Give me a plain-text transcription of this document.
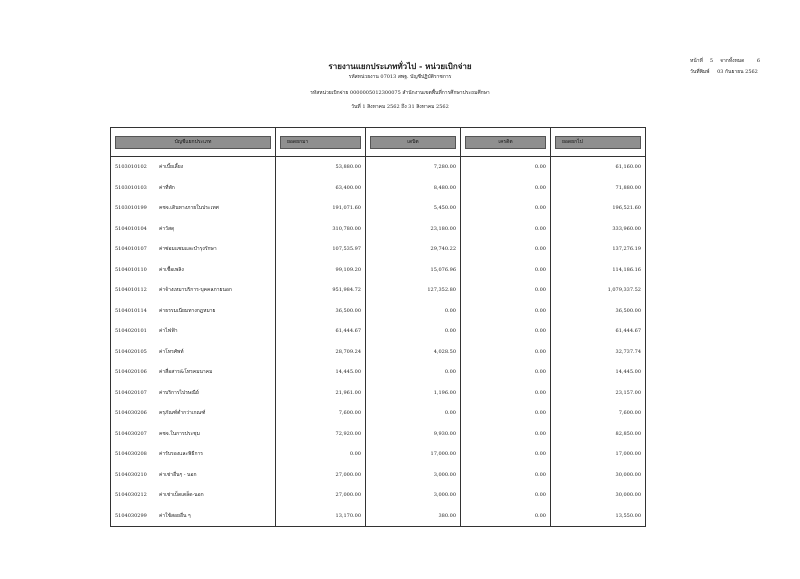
รายงานแยกประเภททั่วไป - หน่วยเบิกจ่าย
รหัสหน่วยงาน 07013 สพฐ. บัญชีปฏิบัติราชการ
รหัสหน่วยเบิกจ่าย 0000005012300075 สำนักงานเขตพื้นที่การศึกษาประถมศึกษา
วันที่ 1 สิงหาคม 2562 ถึง 31 สิงหาคม 2562
หน้าที่ 5 จากทั้งหมด 6
วันที่พิมพ์ 03 กันยายน 2562
บัญชีแยกประเภท	ยอดยกมา	เดบิต	เครดิต	ยอดยกไป

5103010102 ค่าเบี้ยเลี้ยง	53,880.00	7,280.00	0.00	61,160.00
5103010103 ค่าที่พัก	63,400.00	8,480.00	0.00	71,880.00
5103010199 คชจ.เดินทางภายในประเทศ	191,071.60	5,450.00	0.00	196,521.60
5104010104 ค่าวัสดุ	310,780.00	23,180.00	0.00	333,960.00
5104010107 ค่าซ่อมแซมและบำรุงรักษา	107,535.97	29,740.22	0.00	137,276.19
5104010110 ค่าเชื้อเพลิง	99,109.20	15,076.96	0.00	114,186.16
5104010112 ค่าจ้างเหมาบริการ-บุคคลภายนอก	951,984.72	127,352.80	0.00	1,079,337.52
5104010114 ค่าธรรมเนียมทางกฎหมาย	36,500.00	0.00	0.00	36,500.00
5104020101 ค่าไฟฟ้า	61,444.67	0.00	0.00	61,444.67
5104020105 ค่าโทรศัพท์	28,709.24	4,028.50	0.00	32,737.74
5104020106 ค่าสื่อสาร&โทรคมนาคม	14,445.00	0.00	0.00	14,445.00
5104020107 ค่าบริการไปรษณีย์	21,961.00	1,196.00	0.00	23,157.00
5104030206 ครุภัณฑ์ต่ำกว่าเกณฑ์	7,600.00	0.00	0.00	7,600.00
5104030207 คชจ.ในการประชุม	72,920.00	9,930.00	0.00	82,850.00
5104030208 ค่ารับรองและพิธีการ	0.00	17,000.00	0.00	17,000.00
5104030210 ค่าเช่าอื่นๆ - นอก	27,000.00	3,000.00	0.00	30,000.00
5104030212 ค่าเช่าเบ็ดเตล็ด-นอก	27,000.00	3,000.00	0.00	30,000.00
5104030299 ค่าใช้สอยอื่น ๆ	13,170.00	380.00	0.00	13,550.00
